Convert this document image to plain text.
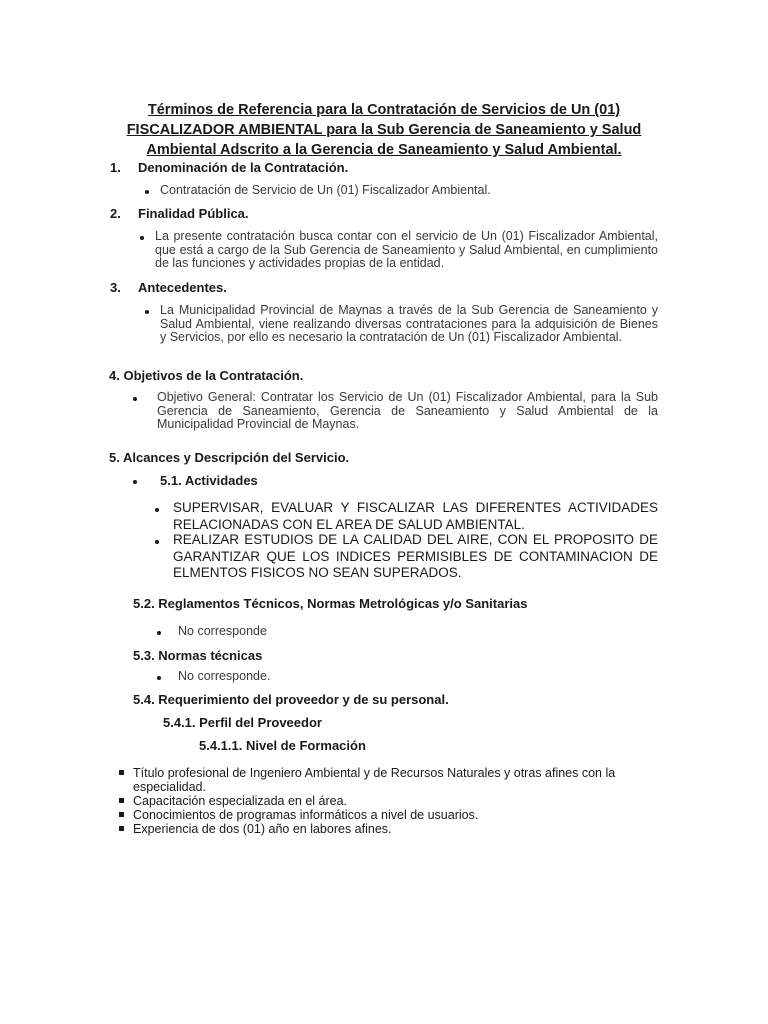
Términos de Referencia para la Contratación de Servicios de Un (01)
FISCALIZADOR AMBIENTAL para la Sub Gerencia de Saneamiento y Salud
Ambiental Adscrito a la Gerencia de Saneamiento y Salud Ambiental.
1. Denominación de la Contratación.
Contratación de Servicio de Un (01) Fiscalizador Ambiental.
2. Finalidad Pública.
La presente contratación busca contar con el servicio de Un (01) Fiscalizador Ambiental, que está a cargo de la Sub Gerencia de Saneamiento y Salud Ambiental, en cumplimiento de las funciones y actividades propias de la entidad.
3. Antecedentes.
La Municipalidad Provincial de Maynas a través de la Sub Gerencia de Saneamiento y Salud Ambiental, viene realizando diversas contrataciones para la adquisición de Bienes y Servicios, por ello es necesario la contratación de Un (01) Fiscalizador Ambiental.
4. Objetivos de la Contratación.
Objetivo General: Contratar los Servicio de Un (01) Fiscalizador Ambiental, para la Sub Gerencia de Saneamiento, Gerencia de Saneamiento y Salud Ambiental de la Municipalidad Provincial de Maynas.
5. Alcances y Descripción del Servicio.
5.1. Actividades
SUPERVISAR, EVALUAR Y FISCALIZAR LAS DIFERENTES ACTIVIDADES RELACIONADAS CON EL AREA DE SALUD AMBIENTAL.
REALIZAR ESTUDIOS DE LA CALIDAD DEL AIRE, CON EL PROPOSITO DE GARANTIZAR QUE LOS INDICES PERMISIBLES DE CONTAMINACION DE ELMENTOS FISICOS NO SEAN SUPERADOS.
5.2. Reglamentos Técnicos, Normas Metrológicas y/o Sanitarias
No corresponde
5.3. Normas técnicas
No corresponde.
5.4. Requerimiento del proveedor y de su personal.
5.4.1. Perfil del Proveedor
5.4.1.1. Nivel de Formación
Título profesional de Ingeniero Ambiental y de Recursos Naturales y otras afines con la especialidad.
Capacitación especializada en el área.
Conocimientos de programas informáticos a nivel de usuarios.
Experiencia de dos (01) año en labores afines.
